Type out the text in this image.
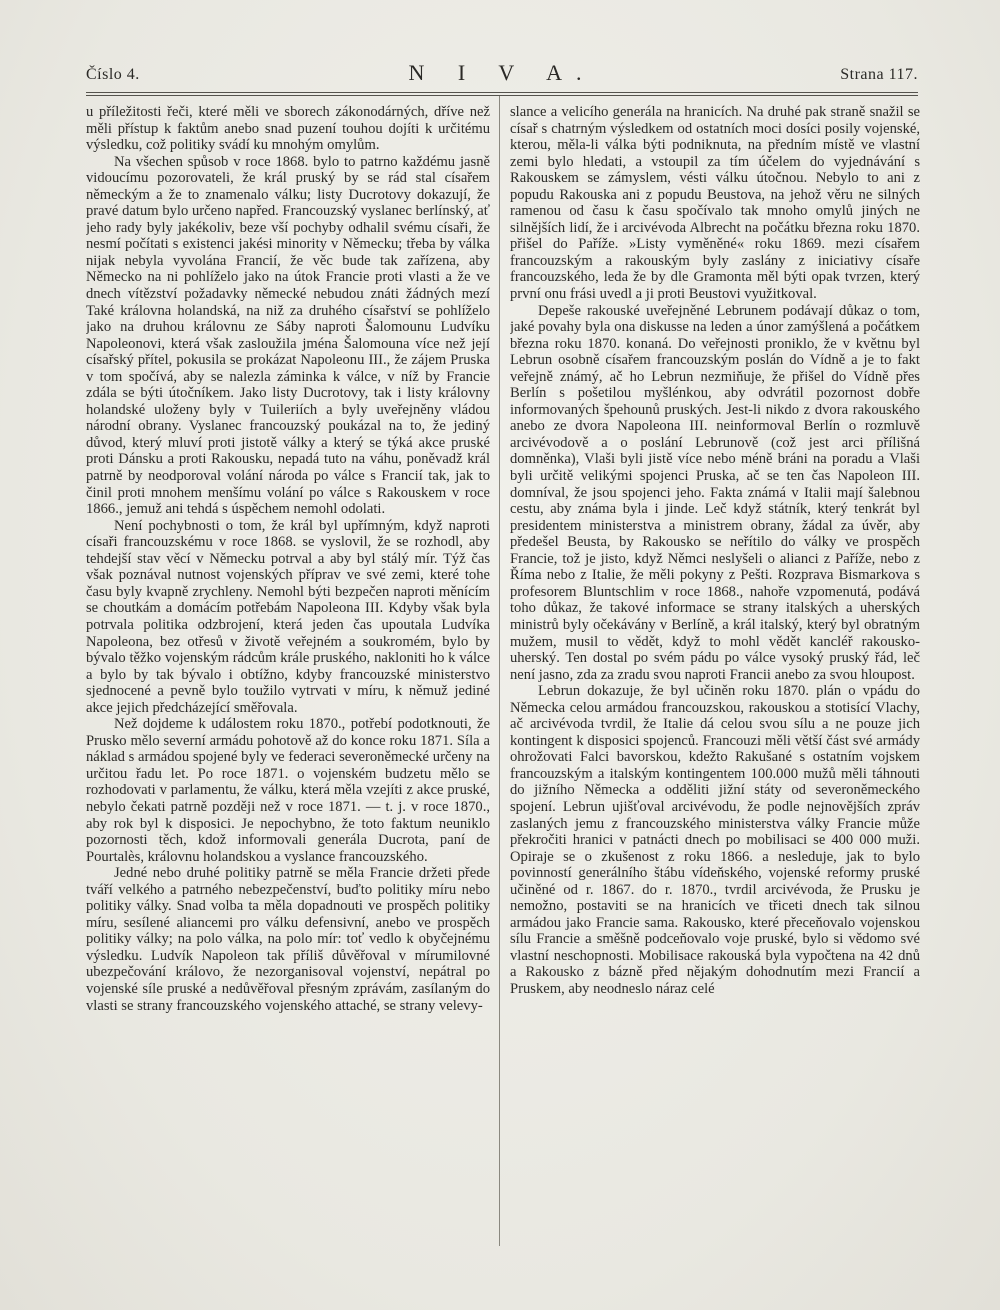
Číslo 4.	N I V A.	Strana 117.

u příležitosti řeči, které měli ve sborech zákonodárných, dříve než měli přístup k faktům anebo snad puzení touhou dojíti k určitému výsledku, což politiky svádí ku mnohým omylům.

Na všechen spůsob v roce 1868. bylo to patrno každému jasně vidoucímu pozorovateli, že král pruský by se rád stal císařem německým a že to znamenalo válku; listy Ducrotovy dokazují, že pravé datum bylo určeno napřed. Francouzský vyslanec berlínský, ať jeho rady byly jakékoliv, beze vší pochyby odhalil svému císaři, že nesmí počítati s existenci jakési minority v Německu; třeba by válka nijak nebyla vyvolána Francií, že věc bude tak zařízena, aby Německo na ni pohlíželo jako na útok Francie proti vlasti a že ve dnech vítězství požadavky německé nebudou znáti žádných mezí Také královna holandská, na niž za druhého císařství se pohlíželo jako na druhou královnu ze Sáby naproti Šalomounu Ludvíku Napoleonovi, která však zasloužila jména Šalomouna více než její císařský přítel, pokusila se prokázat Napoleonu III., že zájem Pruska v tom spočívá, aby se nalezla záminka k válce, v níž by Francie zdála se býti útočníkem. Jako listy Ducrotovy, tak i listy královny holandské uloženy byly v Tuileriích a byly uveřejněny vládou národní obrany. Vyslanec francouzský poukázal na to, že jediný důvod, který mluví proti jistotě války a který se týká akce pruské proti Dánsku a proti Rakousku, nepadá tuto na váhu, poněvadž král patrně by neodporoval volání národa po válce s Francií tak, jak to činil proti mnohem menšímu volání po válce s Rakouskem v roce 1866., jemuž ani tehdá s úspěchem nemohl odolati.

Není pochybnosti o tom, že král byl upřímným, když naproti císaři francouzskému v roce 1868. se vyslovil, že se rozhodl, aby tehdejší stav věcí v Německu potrval a aby byl stálý mír. Týž čas však poznával nutnost vojenských příprav ve své zemi, které tohe času byly kvapně zrychleny. Nemohl býti bezpečen naproti měnícím se choutkám a domácím potřebám Napoleona III. Kdyby však byla potrvala politika odzbrojení, která jeden čas upoutala Ludvíka Napoleona, bez otřesů v životě veřejném a soukromém, bylo by bývalo těžko vojenským rádcům krále pruského, nakloniti ho k válce a bylo by tak bývalo i obtížno, kdyby francouzské ministerstvo sjednocené a pevně bylo toužilo vytrvati v míru, k němuž jediné akce jejich předcházející směřovala.

Než dojdeme k událostem roku 1870., potřebí podotknouti, že Prusko mělo severní armádu pohotově až do konce roku 1871. Síla a náklad s armádou spojené byly ve federaci severoněmecké určeny na určitou řadu let. Po roce 1871. o vojenském budzetu mělo se rozhodovati v parlamentu, že válku, která měla vzejíti z akce pruské, nebylo čekati patrně později než v roce 1871. — t. j. v roce 1870., aby rok byl k disposici. Je nepochybno, že toto faktum neuniklo pozornosti těch, kdož informovali generála Ducrota, paní de Pourtalès, královnu holandskou a vyslance francouzského.

Jedné nebo druhé politiky patrně se měla Francie držeti přede tváří velkého a patrného nebezpečenství, buďto politiky míru nebo politiky války. Snad volba ta měla dopadnouti ve prospěch politiky míru, sesílené aliancemi pro válku defensivní, anebo ve prospěch politiky války; na polo válka, na polo mír: toť vedlo k obyčejnému výsledku. Ludvík Napoleon tak příliš důvěřoval v mírumilovné ubezpečování královo, že nezorganisoval vojenství, nepátral po vojenské síle pruské a nedůvěřoval přesným zprávám, zasílaným do vlasti se strany francouzského vojenského attaché, se strany velevy-

slance a velicího generála na hranicích. Na druhé pak straně snažil se císař s chatrným výsledkem od ostatních moci dosíci posily vojenské, kterou, měla-li válka býti podniknuta, na předním místě ve vlastní zemi bylo hledati, a vstoupil za tím účelem do vyjednávání s Rakouskem se zámyslem, vésti válku útočnou. Nebylo to ani z popudu Rakouska ani z popudu Beustova, na jehož věru ne silných ramenou od času k času spočívalo tak mnoho omylů jiných ne silnějších lidí, že i arcivévoda Albrecht na počátku března roku 1870. přišel do Paříže. »Listy vyměněné« roku 1869. mezi císařem francouzským a rakouským byly zaslány z iniciativy císaře francouzského, leda že by dle Gramonta měl býti opak tvrzen, který první onu frási uvedl a ji proti Beustovi využitkoval.

Depeše rakouské uveřejněné Lebrunem podávají důkaz o tom, jaké povahy byla ona diskusse na leden a únor zamýšlená a počátkem března roku 1870. konaná. Do veřejnosti proniklo, že v květnu byl Lebrun osobně císařem francouzským poslán do Vídně a je to fakt veřejně známý, ač ho Lebrun nezmiňuje, že přišel do Vídně přes Berlín s pošetilou myšlénkou, aby odvrátil pozornost dobře informovaných špehounů pruských. Jest-li nikdo z dvora rakouského anebo ze dvora Napoleona III. neinformoval Berlín o rozmluvě arcivévodově a o poslání Lebrunově (což jest arci přílišná domněnka), Vlaši byli jistě více nebo méně bráni na poradu a Vlaši byli určitě velikými spojenci Pruska, ač se ten čas Napoleon III. domníval, že jsou spojenci jeho. Fakta známá v Italii mají šalebnou cestu, aby známa byla i jinde. Leč když státník, který tenkrát byl presidentem ministerstva a ministrem obrany, žádal za úvěr, aby předešel Beusta, by Rakousko se neřítilo do války ve prospěch Francie, tož je jisto, když Němci neslyšeli o alianci z Paříže, nebo z Říma nebo z Italie, že měli pokyny z Pešti. Rozprava Bismarkova s profesorem Bluntschlim v roce 1868., nahoře vzpomenutá, podává toho důkaz, že takové informace se strany italských a uherských ministrů byly očekávány v Berlíně, a král italský, který byl obratným mužem, musil to vědět, když to mohl vědět kancléř rakousko-uherský. Ten dostal po svém pádu po válce vysoký pruský řád, leč není jasno, zda za zradu svou naproti Francii anebo za svou hloupost.

Lebrun dokazuje, že byl učiněn roku 1870. plán o vpádu do Německa celou armádou francouzskou, rakouskou a stotisící Vlachy, ač arcivévoda tvrdil, že Italie dá celou svou sílu a ne pouze jich kontingent k disposici spojenců. Francouzi měli větší část své armády ohrožovati Falci bavorskou, kdežto Rakušané s ostatním vojskem francouzským a italským kontingentem 100.000 mužů měli táhnouti do jižního Německa a odděliti jižní státy od severoněmeckého spojení. Lebrun ujišťoval arcivévodu, že podle nejnovějších zpráv zaslaných jemu z francouzského ministerstva války Francie může překročiti hranici v patnácti dnech po mobilisaci se 400 000 muži. Opiraje se o zkušenost z roku 1866. a nesleduje, jak to bylo povinností generálního štábu vídeňského, vojenské reformy pruské učiněné od r. 1867. do r. 1870., tvrdil arcivévoda, že Prusku je nemožno, postaviti se na hranicích ve třiceti dnech tak silnou armádou jako Francie sama. Rakousko, které přeceňovalo vojenskou sílu Francie a směšně podceňovalo voje pruské, bylo si vědomo své vlastní neschopnosti. Mobilisace rakouská byla vypočtena na 42 dnů a Rakousko z bázně před nějakým dohodnutím mezi Francií a Pruskem, aby neodneslo náraz celé
